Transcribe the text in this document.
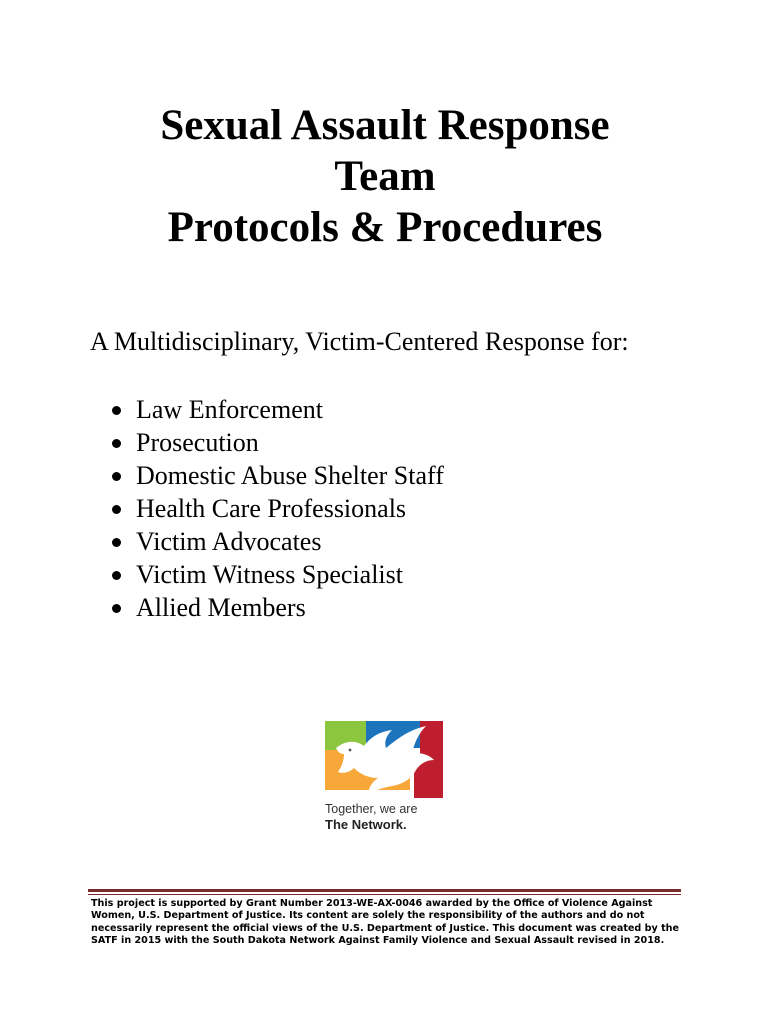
Sexual Assault Response
Team
Protocols & Procedures

A Multidisciplinary, Victim-Centered Response for:

Law Enforcement
Prosecution
Domestic Abuse Shelter Staff
Health Care Professionals
Victim Advocates
Victim Witness Specialist
Allied Members
Together, we are
The Network.

This project is supported by Grant Number 2013-WE-AX-0046 awarded by the Office of Violence Against Women, U.S. Department of Justice. Its content are solely the responsibility of the authors and do not necessarily represent the official views of the U.S. Department of Justice. This document was created by the SATF in 2015 with the South Dakota Network Against Family Violence and Sexual Assault revised in 2018.
